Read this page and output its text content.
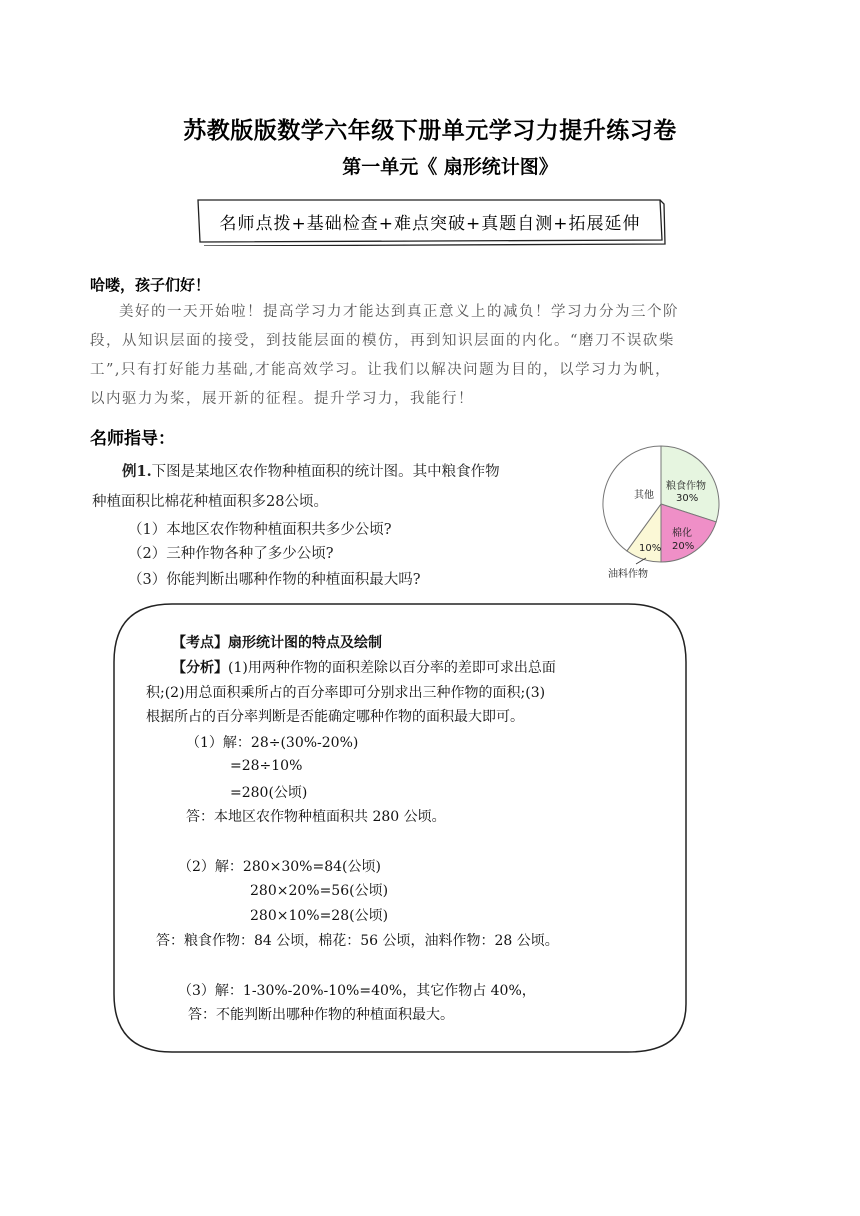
苏教版版数学六年级下册单元学习力提升练习卷
第一单元《 扇形统计图》
名师点拨+基础检查+难点突破+真题自测+拓展延伸
哈喽，孩子们好！
美好的一天开始啦！提高学习力才能达到真正意义上的减负！学习力分为三个阶
段，从知识层面的接受，到技能层面的模仿，再到知识层面的内化。“磨刀不误砍柴
工”,只有打好能力基础,才能高效学习。让我们以解决问题为目的，以学习力为帆，
以内驱力为桨，展开新的征程。提升学习力，我能行！
名师指导：
例1.下图是某地区农作物种植面积的统计图。其中粮食作物
种植面积比棉花种植面积多28公顷。
（1）本地区农作物种植面积共多少公顷?
（2）三种作物各种了多少公顷?
（3）你能判断出哪种作物的种植面积最大吗?
其他
粮食作物
30%
棉化
20%
10%
油料作物
【考点】扇形统计图的特点及绘制
【分析】(1)用两种作物的面积差除以百分率的差即可求出总面
积;(2)用总面积乘所占的百分率即可分别求出三种作物的面积;(3)
根据所占的百分率判断是否能确定哪种作物的面积最大即可。
（1）解：28÷(30%-20%)
=28÷10%
=280(公顷)
答：本地区农作物种植面积共 280 公顷。
（2）解：280×30%=84(公顷)
280×20%=56(公顷)
280×10%=28(公顷)
答：粮食作物：84 公顷，棉花：56 公顷，油料作物：28 公顷。
（3）解：1-30%-20%-10%=40%，其它作物占 40%，
答：不能判断出哪种作物的种植面积最大。
